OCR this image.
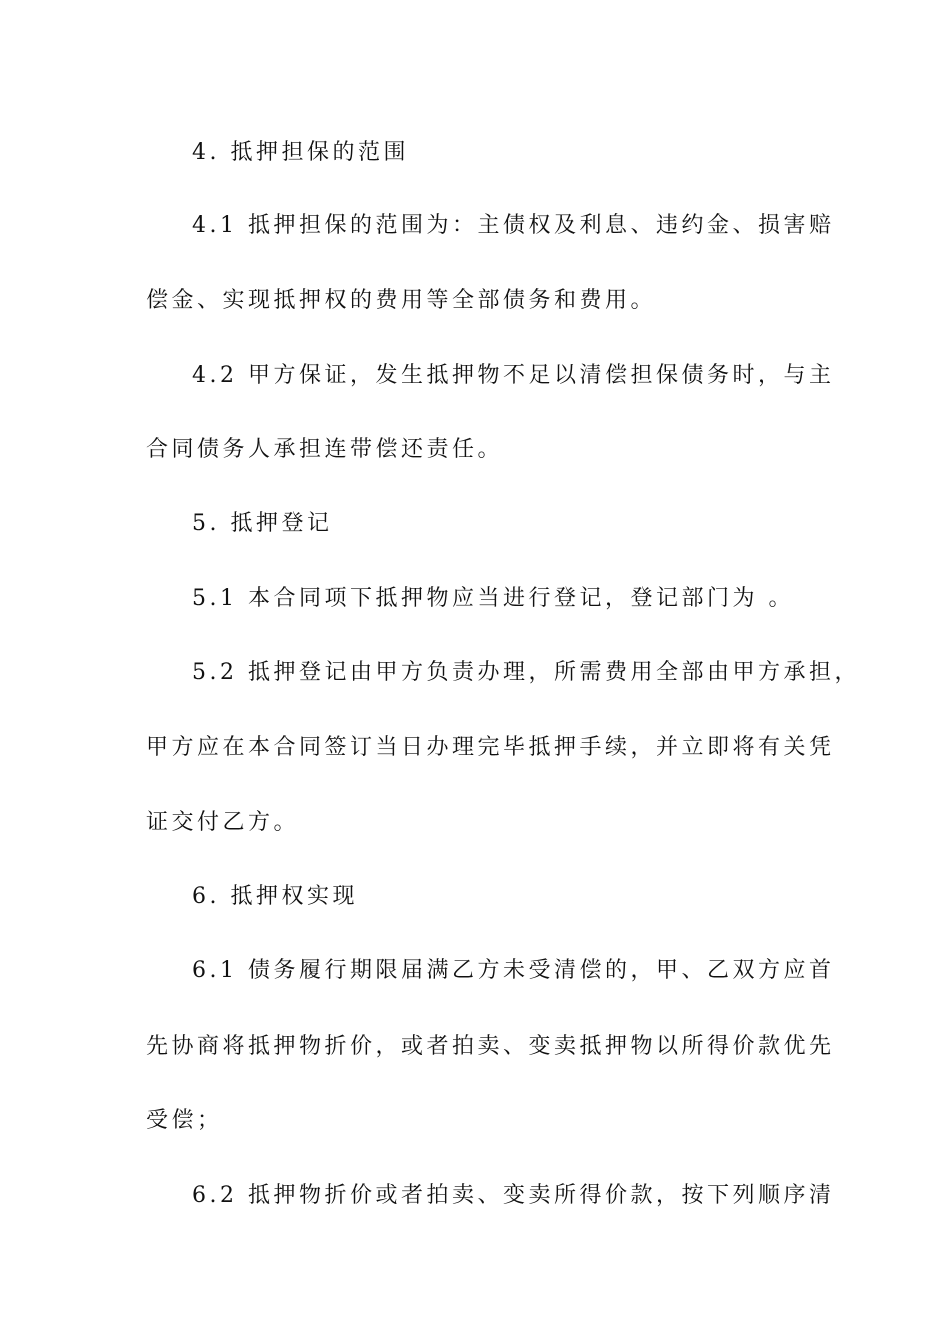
4. 抵押担保的范围
4.1 抵押担保的范围为：主债权及利息、违约金、损害赔
偿金、实现抵押权的费用等全部债务和费用。
4.2 甲方保证，发生抵押物不足以清偿担保债务时，与主
合同债务人承担连带偿还责任。
5. 抵押登记
5.1 本合同项下抵押物应当进行登记，登记部门为 。
5.2 抵押登记由甲方负责办理，所需费用全部由甲方承担，
甲方应在本合同签订当日办理完毕抵押手续，并立即将有关凭
证交付乙方。
6. 抵押权实现
6.1 债务履行期限届满乙方未受清偿的，甲、乙双方应首
先协商将抵押物折价，或者拍卖、变卖抵押物以所得价款优先
受偿；
6.2 抵押物折价或者拍卖、变卖所得价款，按下列顺序清
